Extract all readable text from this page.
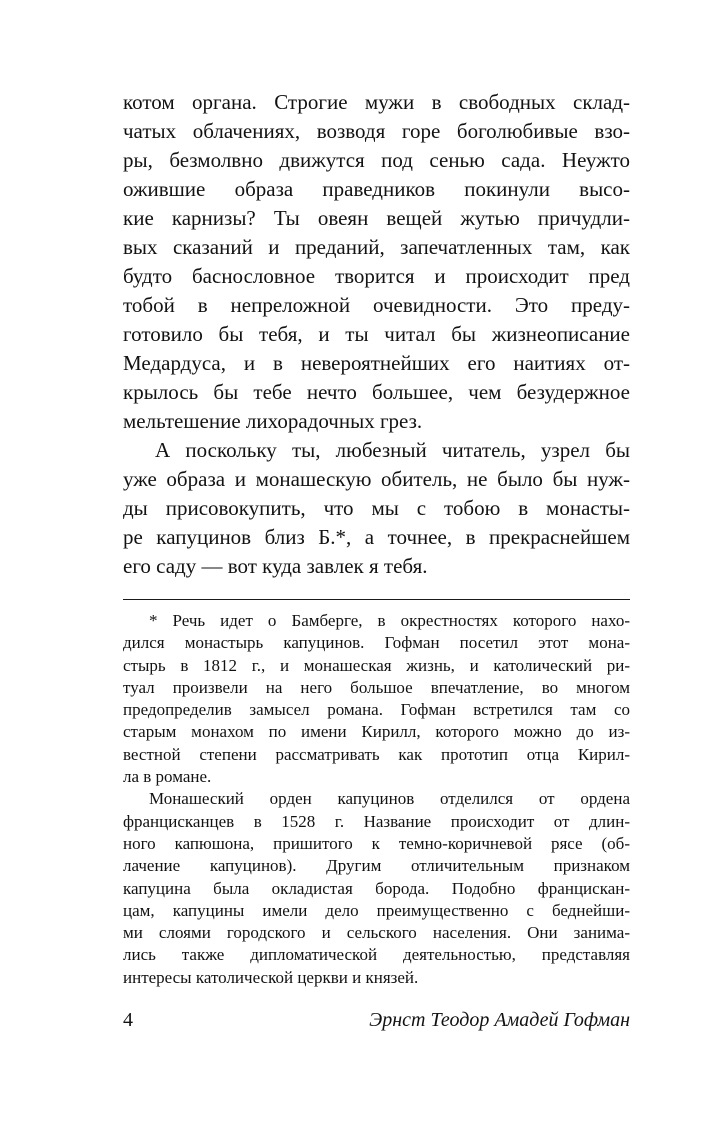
котом органа. Строгие мужи в свободных склад-
чатых облачениях, возводя горе боголюбивые взо-
ры, безмолвно движутся под сенью сада. Неужто
ожившие образа праведников покинули высо-
кие карнизы? Ты овеян вещей жутью причудли-
вых сказаний и преданий, запечатленных там, как
будто баснословное творится и происходит пред
тобой в непреложной очевидности. Это преду-
готовило бы тебя, и ты читал бы жизнеописание
Медардуса, и в невероятнейших его наитиях от-
крылось бы тебе нечто большее, чем безудержное
мельтешение лихорадочных грез.
А поскольку ты, любезный читатель, узрел бы
уже образа и монашескую обитель, не было бы нуж-
ды присовокупить, что мы с тобою в монасты-
ре капуцинов близ Б.*, а точнее, в прекраснейшем
его саду — вот куда завлек я тебя.
* Речь идет о Бамберге, в окрестностях которого нахо-
дился монастырь капуцинов. Гофман посетил этот мона-
стырь в 1812 г., и монашеская жизнь, и католический ри-
туал произвели на него большое впечатление, во многом
предопределив замысел романа. Гофман встретился там со
старым монахом по имени Кирилл, которого можно до из-
вестной степени рассматривать как прототип отца Кирил-
ла в романе.
Монашеский орден капуцинов отделился от ордена
францисканцев в 1528 г. Название происходит от длин-
ного капюшона, пришитого к темно-коричневой рясе (об-
лачение капуцинов). Другим отличительным признаком
капуцина была окладистая борода. Подобно францискан-
цам, капуцины имели дело преимущественно с беднейши-
ми слоями городского и сельского населения. Они занима-
лись также дипломатической деятельностью, представляя
интересы католической церкви и князей.
4	Эрнст Теодор Амадей Гофман
